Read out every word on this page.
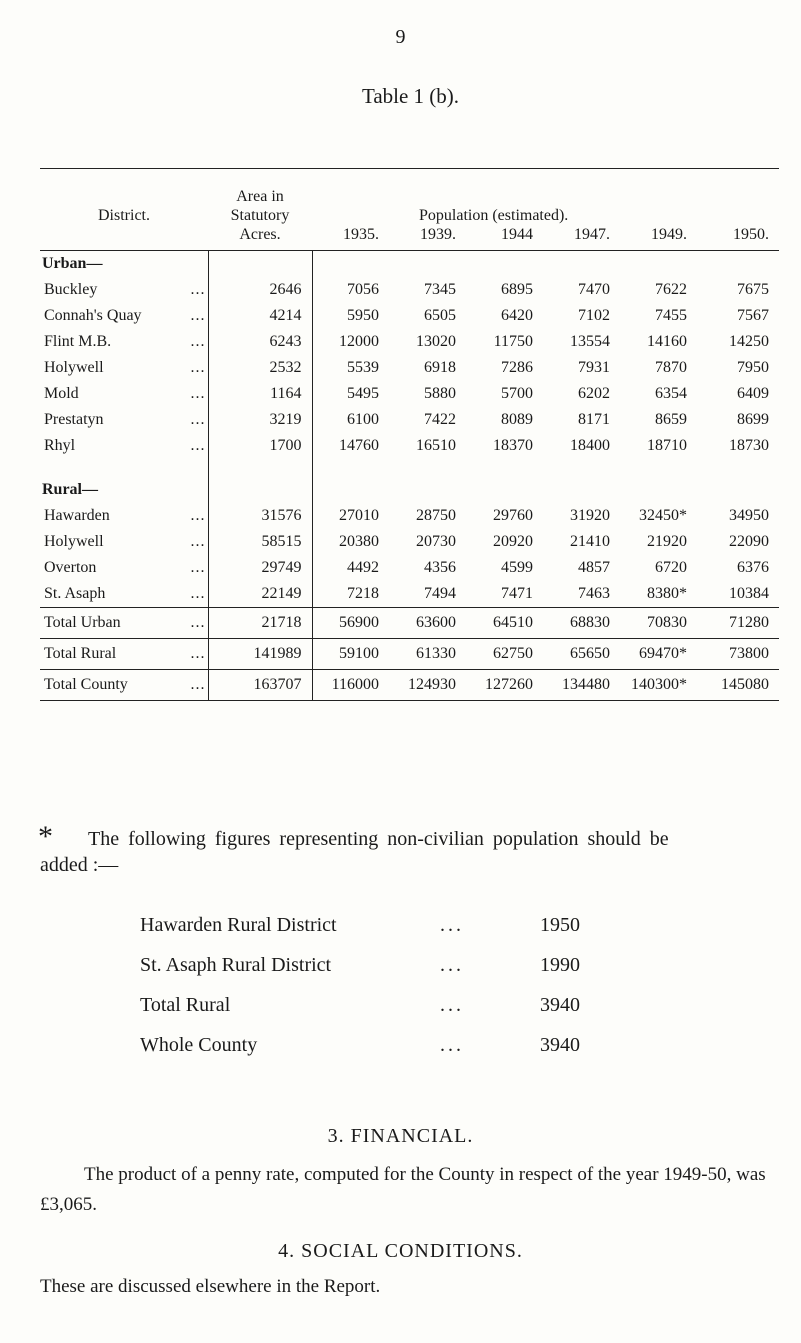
9
Table 1 (b).
	Area in						
District.	Statutory		Population (estimated).				
	Acres.	1935.	1939.	1944	1947.	1949.	1950.
Urban—							
Buckley ...	2646	7056	7345	6895	7470	7622	7675
Connah's Quay ...	4214	5950	6505	6420	7102	7455	7567
Flint M.B. ...	6243	12000	13020	11750	13554	14160	14250
Holywell ...	2532	5539	6918	7286	7931	7870	7950
Mold ...	1164	5495	5880	5700	6202	6354	6409
Prestatyn ...	3219	6100	7422	8089	8171	8659	8699
Rhyl ...	1700	14760	16510	18370	18400	18710	18730

Rural—							
Hawarden ...	31576	27010	28750	29760	31920	32450*	34950
Holywell ...	58515	20380	20730	20920	21410	21920	22090
Overton ...	29749	4492	4356	4599	4857	6720	6376
St. Asaph ...	22149	7218	7494	7471	7463	8380*	10384
Total Urban ...	21718	56900	63600	64510	68830	70830	71280
Total Rural ...	141989	59100	61330	62750	65650	69470*	73800
Total County ...	163707	116000	124930	127260	134480	140300*	145080
* The following figures representing non-civilian population should be
added :—
Hawarden Rural District	...	1950
St. Asaph Rural District	...	1990
Total Rural	...	3940
Whole County	...	3940
3. FINANCIAL.
The product of a penny rate, computed for the County in respect of the year 1949-50, was £3,065.
4. SOCIAL CONDITIONS.
These are discussed elsewhere in the Report.
